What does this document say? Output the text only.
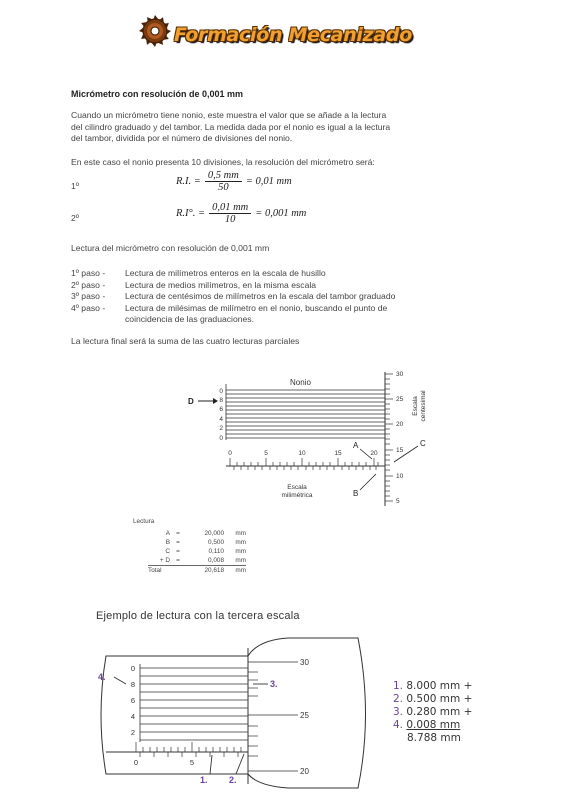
Formación Mecanizado
Micrómetro con resolución de 0,001 mm
Cuando un micrómetro tiene nonio, este muestra el valor que se añade a la lectura
del cilindro graduado y del tambor. La medida dada por el nonio es igual a la lectura
del tambor, dividida por el número de divisiones del nonio.
En este caso el nonio presenta 10 divisiones, la resolución del micrómetro será:
1º	R.I. = $\frac{0,5 mm}{50} = 0,01$ mm
2º	R.I°. = $\frac{0,01 mm}{10} = 0,001$ mm
Lectura del micrómetro con resolución de 0,001 mm
1º paso -	Lectura de milímetros enteros en la escala de husillo
2º paso -	Lectura de medios milímetros, en la misma escala
3º paso -	Lectura de centésimos de milímetros en la escala del tambor graduado
4º paso -	Lectura de milésimas de milímetro en el nonio, buscando el punto de
coincidencia de las graduaciones.
La lectura final será la suma de las cuatro lecturas parciales
Nonio
0
8
6
4
2
0
D
30
25
20
15
10
5
Escala centesimal
0	5	10	15	20
A
B
C
Escala
milimétrica
Lectura
A =	20,000	mm
B =	0,500	mm
C =	0,110	mm
+ D =	0,008	mm
Total	20,618	mm
Ejemplo de lectura con la tercera escala
0
8
6
4
2
30
25
20
0	5
4.
3.
1. 2.
1. 8.000 mm +
2. 0.500 mm +
3. 0.280 mm +
4. 0.008 mm
8.788 mm
